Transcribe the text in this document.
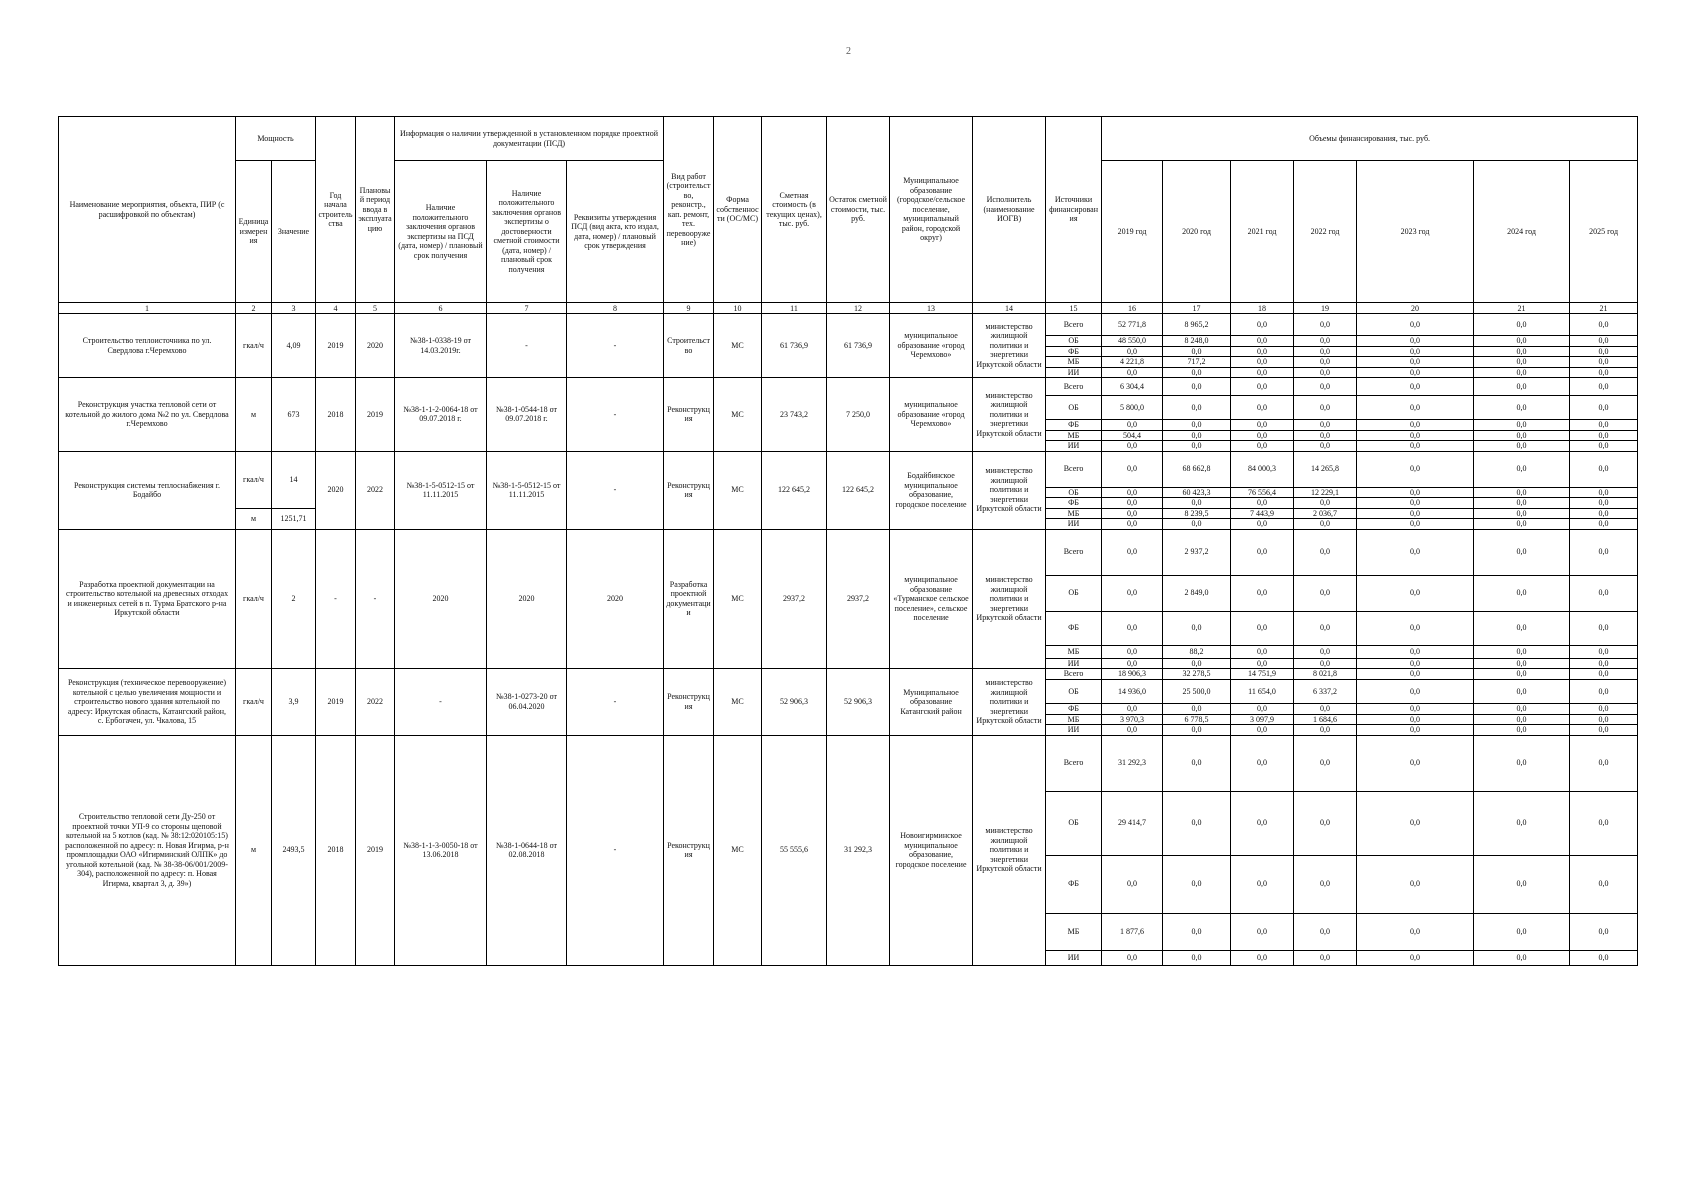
2
Наименование мероприятия, объекта, ПИР (с расшифровкой по объектам)	Мощность		Год начала строительства	Плановый период ввода в эксплуатацию	Информация о наличии утвержденной в установленном порядке проектной документации (ПСД)			Вид работ (строительство, реконстр., кап. ремонт, тех. перевооружение)	Форма собственности (ОС/МС)	Сметная стоимость (в текущих ценах), тыс. руб.	Остаток сметной стоимости, тыс. руб.	Муниципальное образование (городское/сельское поселение, муниципальный район, городской округ)	Исполнитель (наименование ИОГВ)	Источники финансирования	Объемы финансирования, тыс. руб.						
	Единица измерения	Значение			Наличие положительного заключения органов экспертизы на ПСД (дата, номер) / плановый срок получения	Наличие положительного заключения органов экспертизы о достоверности сметной стоимости (дата, номер) / плановый срок получения	Реквизиты утверждения ПСД (вид акта, кто издал, дата, номер) / плановый срок утверждения								2019 год	2020 год	2021 год	2022 год	2023 год	2024 год	2025 год
1	2	3	4	5	6	7	8	9	10	11	12	13	14	15	16	17	18	19	20	21	21
Строительство теплоисточника по ул. Свердлова г.Черемхово	гкал/ч	4,09	2019	2020	№38-1-0338-19 от 14.03.2019г.	-	-	Строительство	МС	61 736,9	61 736,9	муниципальное образование «город Черемхово»	министерство жилищной политики и энергетики Иркутской области	Всего	52 771,8	8 965,2	0,0	0,0	0,0	0,0	0,0
														ОБ	48 550,0	8 248,0	0,0	0,0	0,0	0,0	0,0
														ФБ	0,0	0,0	0,0	0,0	0,0	0,0	0,0
														МБ	4 221,8	717,2	0,0	0,0	0,0	0,0	0,0
														ИИ	0,0	0,0	0,0	0,0	0,0	0,0	0,0
Реконструкция участка тепловой сети от котельной до жилого дома №2 по ул. Свердлова г.Черемхово	м	673	2018	2019	№38-1-1-2-0064-18 от 09.07.2018 г.	№38-1-0544-18 от 09.07.2018 г.	-	Реконструкция	МС	23 743,2	7 250,0	муниципальное образование «город Черемхово»	министерство жилищной политики и энергетики Иркутской области	Всего	6 304,4	0,0	0,0	0,0	0,0	0,0	0,0
														ОБ	5 800,0	0,0	0,0	0,0	0,0	0,0	0,0
														ФБ	0,0	0,0	0,0	0,0	0,0	0,0	0,0
														МБ	504,4	0,0	0,0	0,0	0,0	0,0	0,0
														ИИ	0,0	0,0	0,0	0,0	0,0	0,0	0,0
Реконструкция системы теплоснабжения г. Бодайбо	гкал/ч	14	2020	2022	№38-1-5-0512-15 от 11.11.2015	№38-1-5-0512-15 от 11.11.2015	-	Реконструкция	МС	122 645,2	122 645,2	Бодайбинское муниципальное образование, городское поселение	министерство жилищной политики и энергетики Иркутской области	Всего	0,0	68 662,8	84 000,3	14 265,8	0,0	0,0	0,0
														ОБ	0,0	60 423,3	76 556,4	12 229,1	0,0	0,0	0,0
														ФБ	0,0	0,0	0,0	0,0	0,0	0,0	0,0
	м	1251,71												МБ	0,0	8 239,5	7 443,9	2 036,7	0,0	0,0	0,0
														ИИ	0,0	0,0	0,0	0,0	0,0	0,0	0,0
Разработка проектной документации на строительство котельной на древесных отходах и инженерных сетей в п. Турма Братского р-на Иркутской области	гкал/ч	2	-	-	2020	2020	2020	Разработка проектной документации	МС	2937,2	2937,2	муниципальное образование «Турманское сельское поселение», сельское поселение	министерство жилищной политики и энергетики Иркутской области	Всего	0,0	2 937,2	0,0	0,0	0,0	0,0	0,0
														ОБ	0,0	2 849,0	0,0	0,0	0,0	0,0	0,0
														ФБ	0,0	0,0	0,0	0,0	0,0	0,0	0,0
														МБ	0,0	88,2	0,0	0,0	0,0	0,0	0,0
														ИИ	0,0	0,0	0,0	0,0	0,0	0,0	0,0
Реконструкция (техническое перевооружение) котельной с целью увеличения мощности и строительство нового здания котельной по адресу: Иркутская область, Катангский район, с. Ербогачен, ул. Чкалова, 15	гкал/ч	3,9	2019	2022	-	№38-1-0273-20 от 06.04.2020	-	Реконструкция	МС	52 906,3	52 906,3	Муниципальное образование Катангский район	министерство жилищной политики и энергетики Иркутской области	Всего	18 906,3	32 278,5	14 751,9	8 021,8	0,0	0,0	0,0
														ОБ	14 936,0	25 500,0	11 654,0	6 337,2	0,0	0,0	0,0
														ФБ	0,0	0,0	0,0	0,0	0,0	0,0	0,0
														МБ	3 970,3	6 778,5	3 097,9	1 684,6	0,0	0,0	0,0
														ИИ	0,0	0,0	0,0	0,0	0,0	0,0	0,0
Строительство тепловой сети Ду-250 от проектной точки УП-9 со стороны щеповой котельной на 5 котлов (кад. № 38:12:020105:15) расположенной по адресу: п. Новая Игирма, р-н промплощадки ОАО «Игирминский ОЛПК» до угольной котельной (кад. № 38-38-06/001/2009-304), расположенной по адресу: п. Новая Игирма, квартал 3, д. 39»)	м	2493,5	2018	2019	№38-1-1-3-0050-18 от 13.06.2018	№38-1-0644-18 от 02.08.2018	-	Реконструкция	МС	55 555,6	31 292,3	Новоигирминское муниципальное образование, городское поселение	министерство жилищной политики и энергетики Иркутской области	Всего	31 292,3	0,0	0,0	0,0	0,0	0,0	0,0
														ОБ	29 414,7	0,0	0,0	0,0	0,0	0,0	0,0
														ФБ	0,0	0,0	0,0	0,0	0,0	0,0	0,0
														МБ	1 877,6	0,0	0,0	0,0	0,0	0,0	0,0
														ИИ	0,0	0,0	0,0	0,0	0,0	0,0	0,0
